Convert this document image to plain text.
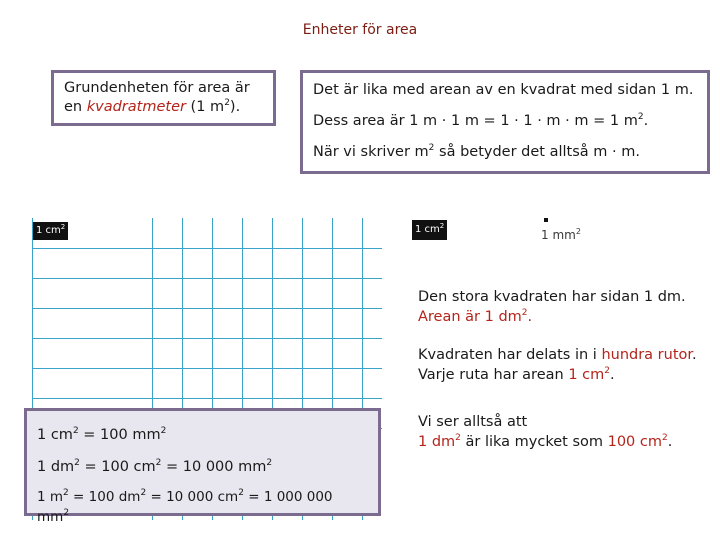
Enheter för area
Grundenheten för area är
en kvadratmeter (1 $m^2$).
Det är lika med arean av en kvadrat med sidan 1 m.
Dess area är 1 m · 1 m = 1 · 1 · m · m = 1 $m^2$.
När vi skriver $m^2$ så betyder det alltså m · m.
1 $cm^2$	1 $cm^2$
1 $mm^2$
Den stora kvadraten har sidan 1 dm.
Arean är 1 $dm^2$.
Kvadraten har delats in i hundra rutor.
Varje ruta har arean 1 $cm^2$.
Vi ser alltså att
1 $dm^2$ är lika mycket som 100 $cm^2$.
1 $cm^2 = 100$ $mm^2$
1 $dm^2 = 100$ $cm^2 = 10$ 000 $mm^2$
1 $m^2 = 100$ $dm^2 = 10$ 000 $cm^2 = 1$ 000 000 $mm^2$
